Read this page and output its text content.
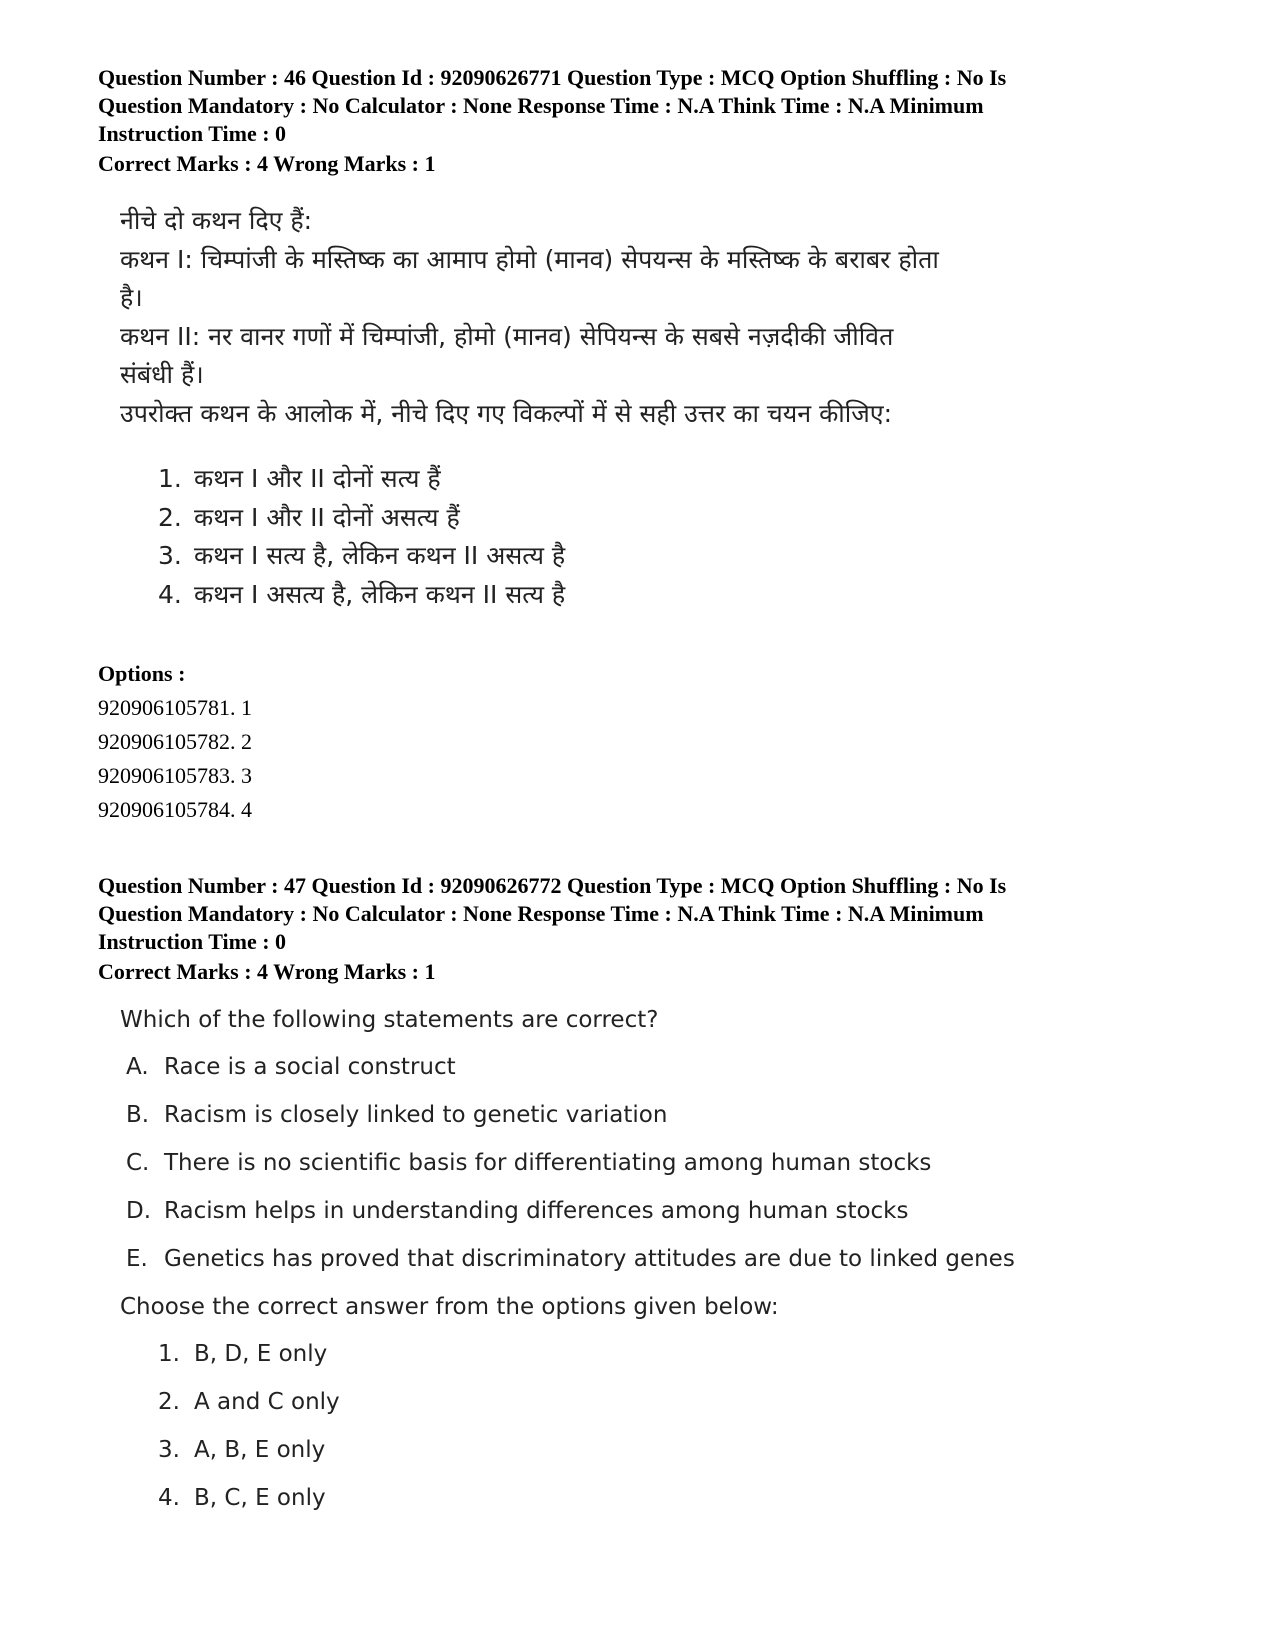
Question Number : 46 Question Id : 92090626771 Question Type : MCQ Option Shuffling : No Is
Question Mandatory : No Calculator : None Response Time : N.A Think Time : N.A Minimum
Instruction Time : 0
Correct Marks : 4 Wrong Marks : 1
नीचे दो कथन दिए हैं:
कथन I: चिम्पांजी के मस्तिष्क का आमाप होमो (मानव) सेपयन्स के मस्तिष्क के बराबर होता
है।
कथन II: नर वानर गणों में चिम्पांजी, होमो (मानव) सेपियन्स के सबसे नज़दीकी जीवित
संबंधी हैं।
उपरोक्त कथन के आलोक में, नीचे दिए गए विकल्पों में से सही उत्तर का चयन कीजिए:
1. कथन I और II दोनों सत्य हैं
2. कथन I और II दोनों असत्य हैं
3. कथन I सत्य है, लेकिन कथन II असत्य है
4. कथन I असत्य है, लेकिन कथन II सत्य है
Options :
920906105781. 1
920906105782. 2
920906105783. 3
920906105784. 4
Question Number : 47 Question Id : 92090626772 Question Type : MCQ Option Shuffling : No Is
Question Mandatory : No Calculator : None Response Time : N.A Think Time : N.A Minimum
Instruction Time : 0
Correct Marks : 4 Wrong Marks : 1
Which of the following statements are correct?
A. Race is a social construct
B. Racism is closely linked to genetic variation
C. There is no scientific basis for differentiating among human stocks
D. Racism helps in understanding differences among human stocks
E. Genetics has proved that discriminatory attitudes are due to linked genes
Choose the correct answer from the options given below:
1. B, D, E only
2. A and C only
3. A, B, E only
4. B, C, E only
